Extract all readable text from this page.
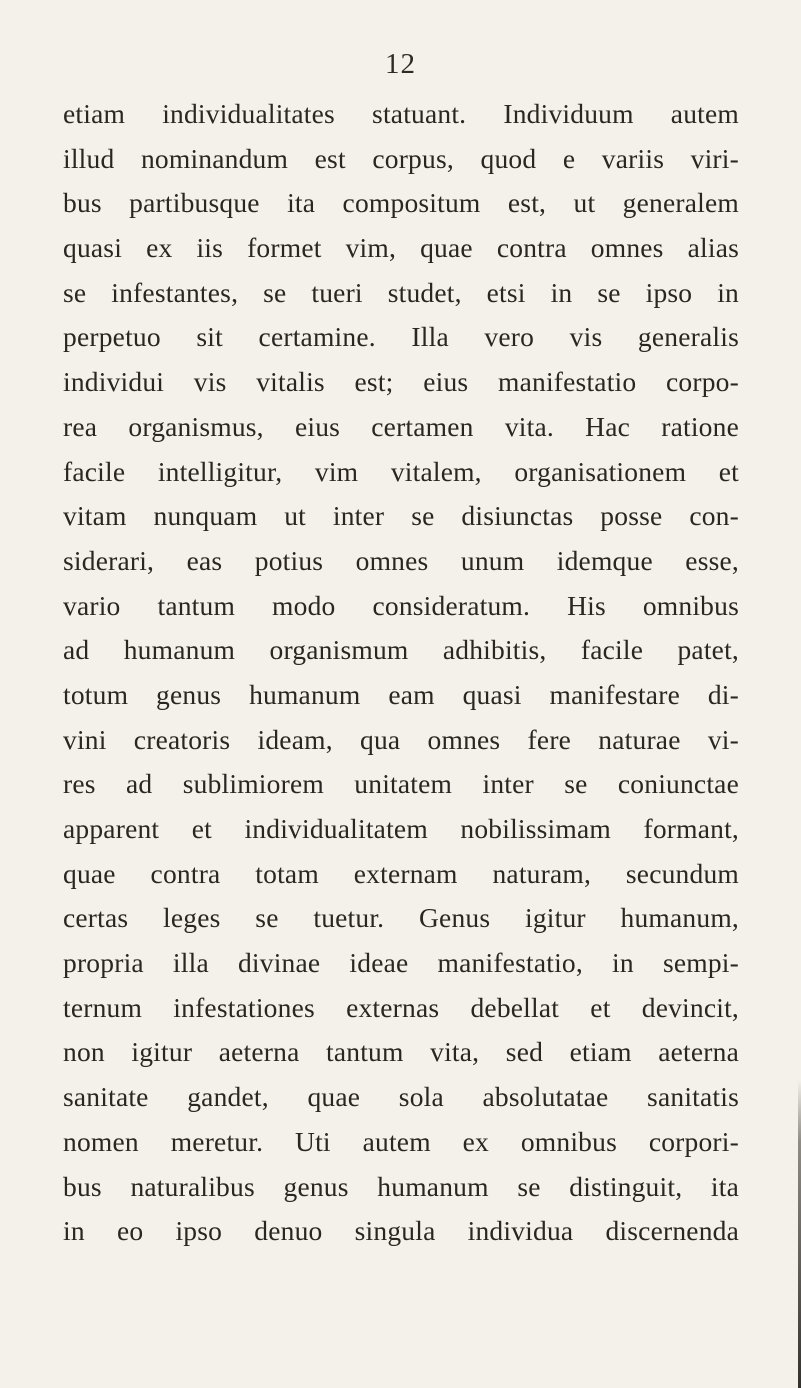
12
etiam individualitates statuant. Individuum autem
illud nominandum est corpus, quod e variis viri-
bus partibusque ita compositum est, ut generalem
quasi ex iis formet vim, quae contra omnes alias
se infestantes, se tueri studet, etsi in se ipso in
perpetuo sit certamine. Illa vero vis generalis
individui vis vitalis est; eius manifestatio corpo-
rea organismus, eius certamen vita. Hac ratione
facile intelligitur, vim vitalem, organisationem et
vitam nunquam ut inter se disiunctas posse con-
siderari, eas potius omnes unum idemque esse,
vario tantum modo consideratum. His omnibus
ad humanum organismum adhibitis, facile patet,
totum genus humanum eam quasi manifestare di-
vini creatoris ideam, qua omnes fere naturae vi-
res ad sublimiorem unitatem inter se coniunctae
apparent et individualitatem nobilissimam formant,
quae contra totam externam naturam, secundum
certas leges se tuetur. Genus igitur humanum,
propria illa divinae ideae manifestatio, in sempi-
ternum infestationes externas debellat et devincit,
non igitur aeterna tantum vita, sed etiam aeterna
sanitate gandet, quae sola absolutatae sanitatis
nomen meretur. Uti autem ex omnibus corpori-
bus naturalibus genus humanum se distinguit, ita
in eo ipso denuo singula individua discernenda
